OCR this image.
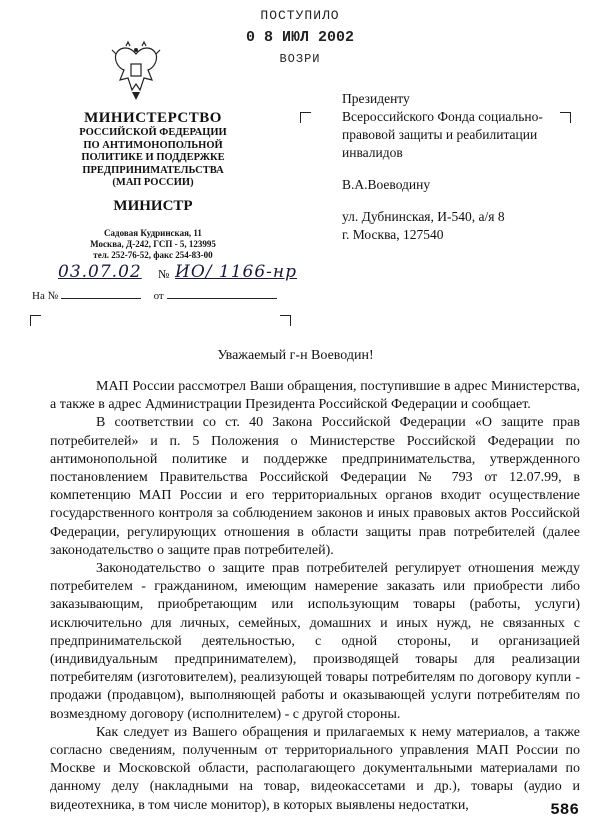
ПОСТУПИЛО
0 8 ИЮЛ 2002
ВОЗРИ
МИНИСТЕРСТВО
РОССИЙСКОЙ ФЕДЕРАЦИИ
ПО АНТИМОНОПОЛЬНОЙ
ПОЛИТИКЕ И ПОДДЕРЖКЕ
ПРЕДПРИНИМАТЕЛЬСТВА
(МАП РОССИИ)
МИНИСТР
Садовая Кудринская, 11
Москва, Д-242, ГСП - 5, 123995
тел. 252-76-52, факс 254-83-00
03.07.02 № ИО/ 1166-нр
На №	от
Президенту
Всероссийского Фонда социально-
правовой защиты и реабилитации
инвалидов
В.А.Воеводину
ул. Дубнинская, И-540, а/я 8
г. Москва, 127540
Уважаемый г-н Воеводин!

МАП России рассмотрел Ваши обращения, поступившие в адрес Министерства, а также в адрес Администрации Президента Российской Федерации и сообщает.

В соответствии со ст. 40 Закона Российской Федерации «О защите прав потребителей» и п. 5 Положения о Министерстве Российской Федерации по антимонопольной политике и поддержке предпринимательства, утвержденного постановлением Правительства Российской Федерации № 793 от 12.07.99, в компетенцию МАП России и его территориальных органов входит осуществление государственного контроля за соблюдением законов и иных правовых актов Российской Федерации, регулирующих отношения в области защиты прав потребителей (далее законодательство о защите прав потребителей).

Законодательство о защите прав потребителей регулирует отношения между потребителем - гражданином, имеющим намерение заказать или приобрести либо заказывающим, приобретающим или использующим товары (работы, услуги) исключительно для личных, семейных, домашних и иных нужд, не связанных с предпринимательской деятельностью, с одной стороны, и организацией (индивидуальным предпринимателем), производящей товары для реализации потребителям (изготовителем), реализующей товары потребителям по договору купли - продажи (продавцом), выполняющей работы и оказывающей услуги потребителям по возмездному договору (исполнителем) - с другой стороны.

Как следует из Вашего обращения и прилагаемых к нему материалов, а также согласно сведениям, полученным от территориального управления МАП России по Москве и Московской области, располагающего документальными материалами по данному делу (накладными на товар, видеокассетами и др.), товары (аудио и видеотехника, в том числе монитор), в которых выявлены недостатки,	586
